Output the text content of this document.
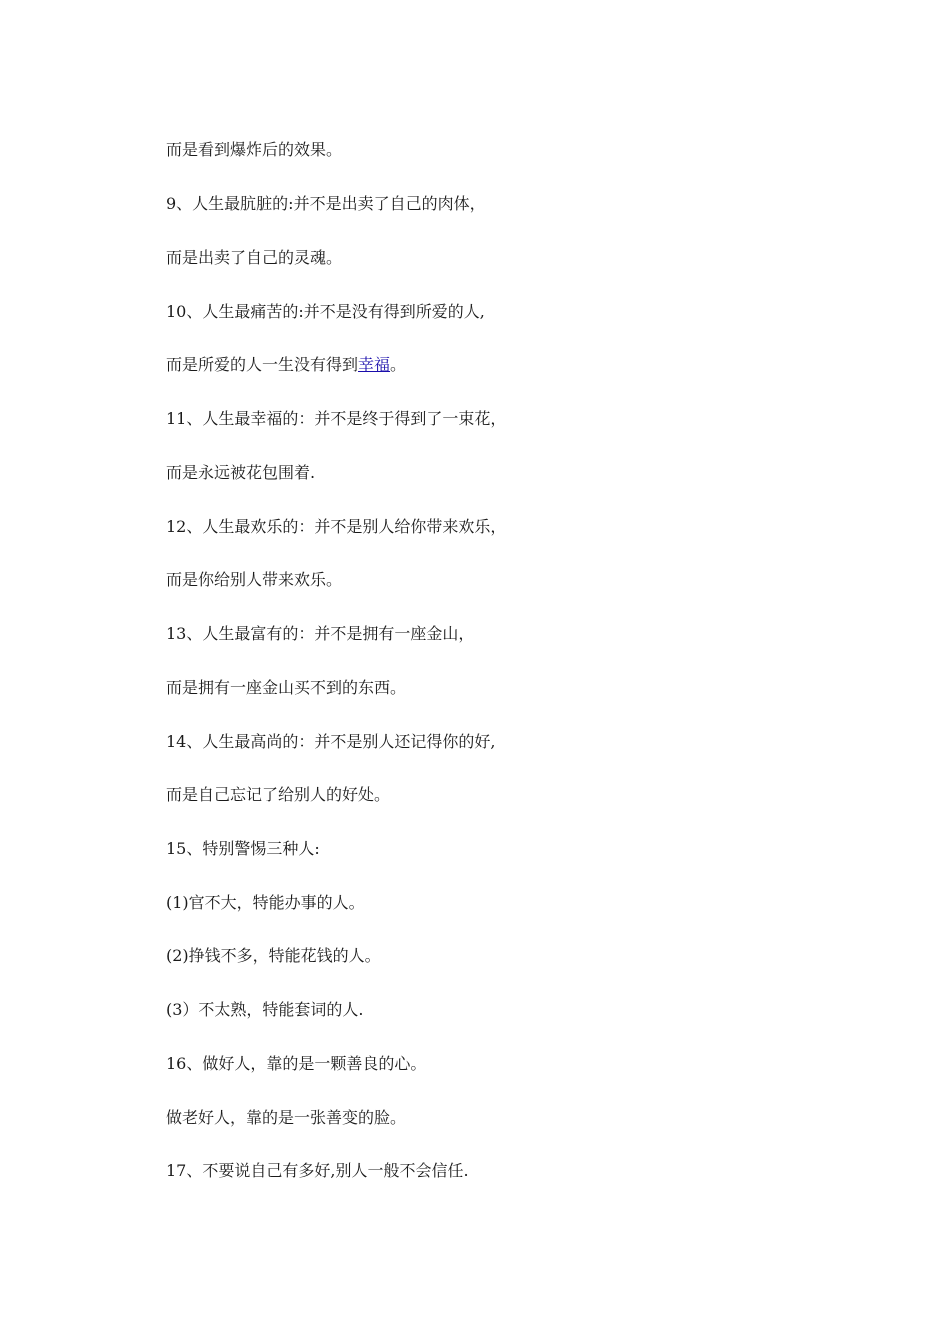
而是看到爆炸后的效果。
9、人生最肮脏的:并不是出卖了自己的肉体，
而是出卖了自己的灵魂。
10、人生最痛苦的:并不是没有得到所爱的人,
而是所爱的人一生没有得到幸福。
11、人生最幸福的：并不是终于得到了一束花，
而是永远被花包围着.
12、人生最欢乐的：并不是别人给你带来欢乐，
而是你给别人带来欢乐。
13、人生最富有的：并不是拥有一座金山，
而是拥有一座金山买不到的东西。
14、人生最高尚的：并不是别人还记得你的好,
而是自己忘记了给别人的好处。
15、特别警惕三种人:
(1)官不大，特能办事的人。
(2)挣钱不多，特能花钱的人。
(3）不太熟，特能套词的人.
16、做好人，靠的是一颗善良的心。
做老好人，靠的是一张善变的脸。
17、不要说自己有多好,别人一般不会信任.
